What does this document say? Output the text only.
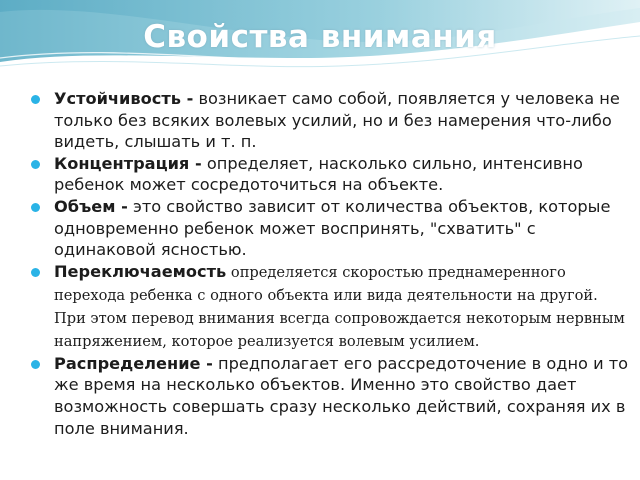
Свойства внимания
Устойчивость - возникает само собой, появляется у человека не только без всяких волевых усилий, но и без намерения что-либо видеть, слышать и т. п.
Концентрация - определяет, насколько сильно, интенсивно ребенок может сосредоточиться на объекте.
Объем - это свойство зависит от количества объектов, которые одновременно ребенок может воспринять, "схватить" с одинаковой ясностью.
Переключаемость определяется скоростью преднамеренного перехода ребенка с одного объекта или вида деятельности на другой. При этом перевод внимания всегда сопровождается некоторым нервным напряжением, которое реализуется волевым усилием.
Распределение - предполагает его рассредоточение в одно и то же время на несколько объектов. Именно это свойство дает возможность совершать сразу несколько действий, сохраняя их в поле внимания.
